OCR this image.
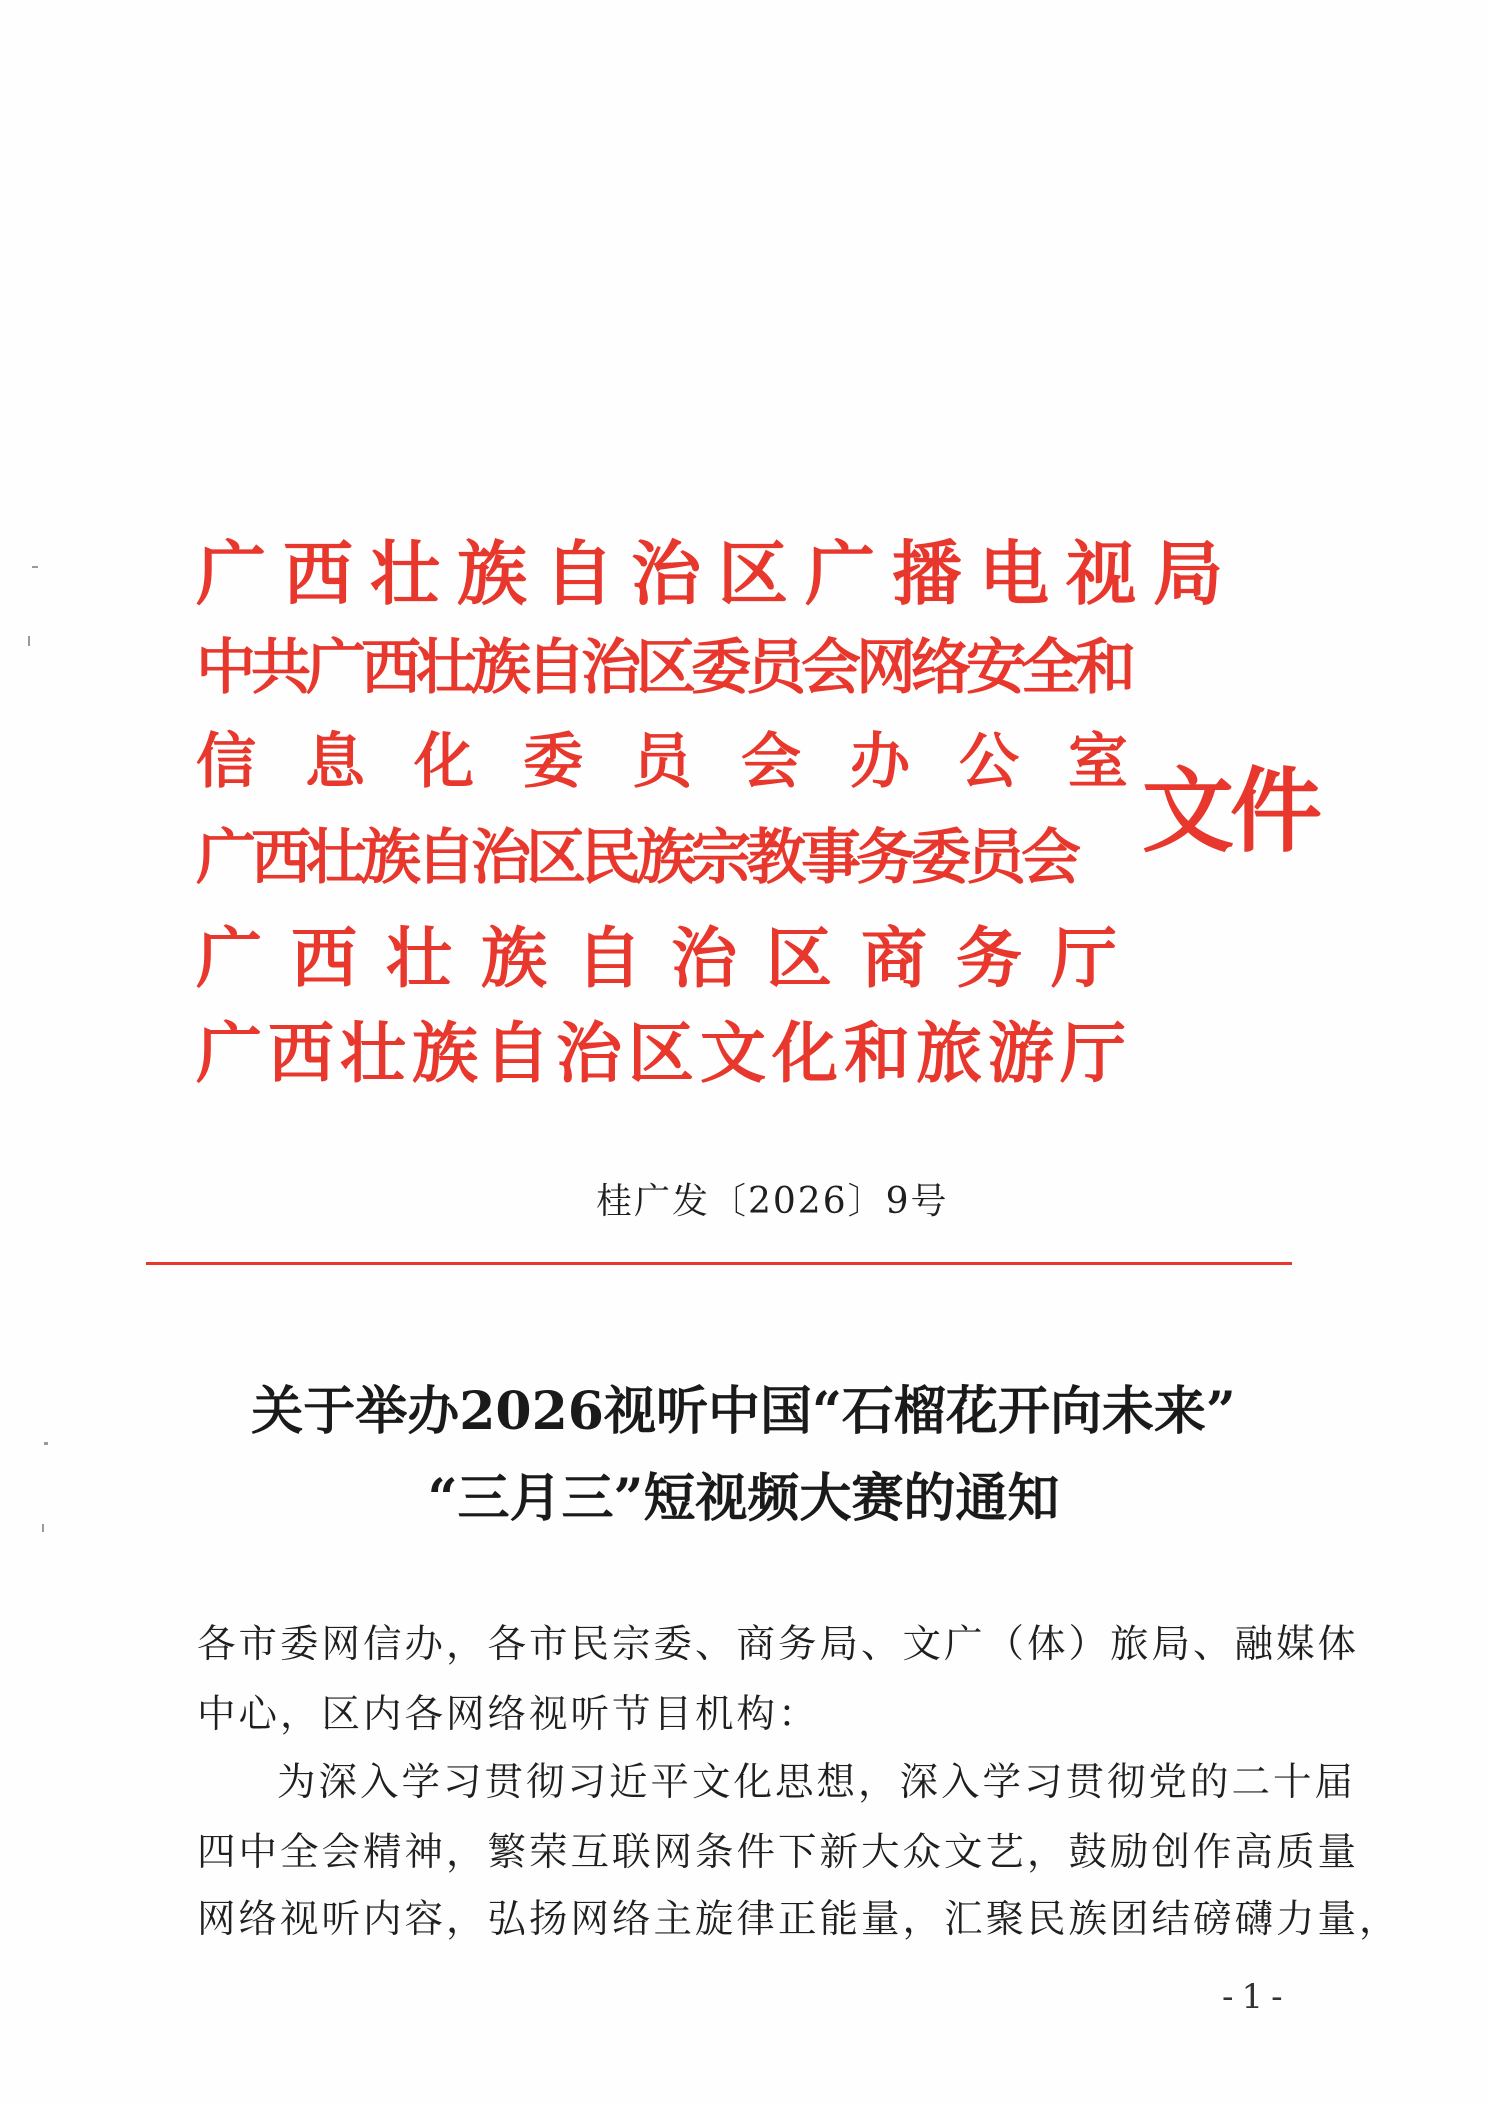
广西壮族自治区广播电视局
中共广西壮族自治区委员会网络安全和
信息化委员会办公室
广西壮族自治区民族宗教事务委员会
广西壮族自治区商务厅
广西壮族自治区文化和旅游厅
文件
桂广发〔2026〕9号
关于举办2026视听中国“石榴花开向未来”
“三月三”短视频大赛的通知
各市委网信办，各市民宗委、商务局、文广（体）旅局、融媒体
中心，区内各网络视听节目机构：
为深入学习贯彻习近平文化思想，深入学习贯彻党的二十届
四中全会精神，繁荣互联网条件下新大众文艺，鼓励创作高质量
网络视听内容，弘扬网络主旋律正能量，汇聚民族团结磅礴力量，
-1-
